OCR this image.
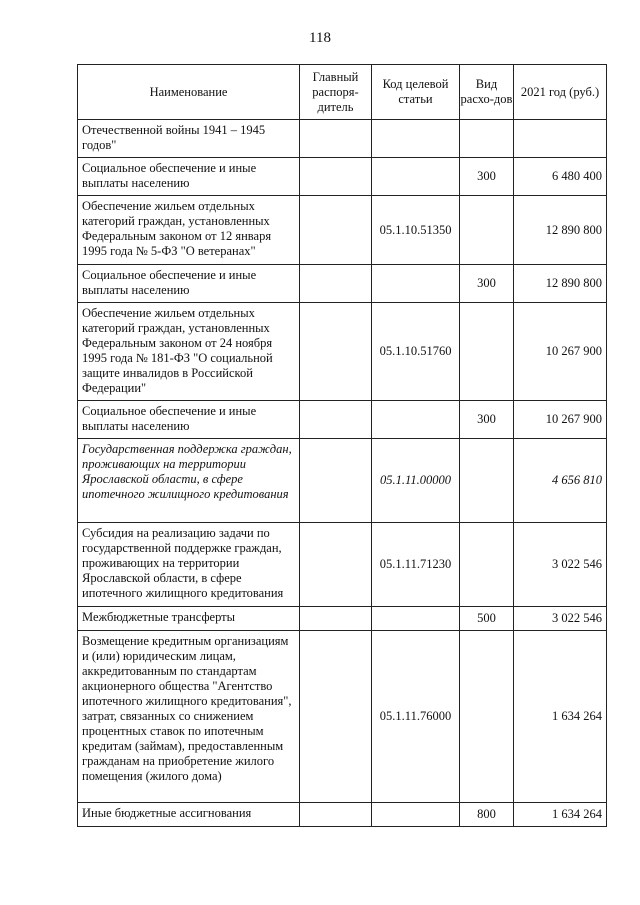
118
Наименование	Главный распоря-дитель	Код целевой статьи	Вид расхо-дов	2021 год (руб.)
Отечественной войны 1941 – 1945 годов"				
Социальное обеспечение и иные выплаты населению			300	6 480 400
Обеспечение жильем отдельных категорий граждан, установленных Федеральным законом от 12 января 1995 года № 5-ФЗ "О ветеранах"		05.1.10.51350		12 890 800
Социальное обеспечение и иные выплаты населению			300	12 890 800
Обеспечение жильем отдельных категорий граждан, установленных Федеральным законом от 24 ноября 1995 года № 181-ФЗ "О социальной защите инвалидов в Российской Федерации"		05.1.10.51760		10 267 900
Социальное обеспечение и иные выплаты населению			300	10 267 900
Государственная поддержка граждан, проживающих на территории Ярославской области, в сфере ипотечного жилищного кредитования		05.1.11.00000		4 656 810
Субсидия на реализацию задачи по государственной поддержке граждан, проживающих на территории Ярославской области, в сфере ипотечного жилищного кредитования		05.1.11.71230		3 022 546
Межбюджетные трансферты			500	3 022 546
Возмещение кредитным организациям и (или) юридическим лицам, аккредитованным по стандартам акционерного общества "Агентство ипотечного жилищного кредитования", затрат, связанных со снижением процентных ставок по ипотечным кредитам (займам), предоставленным гражданам на приобретение жилого помещения (жилого дома)		05.1.11.76000		1 634 264
Иные бюджетные ассигнования			800	1 634 264
